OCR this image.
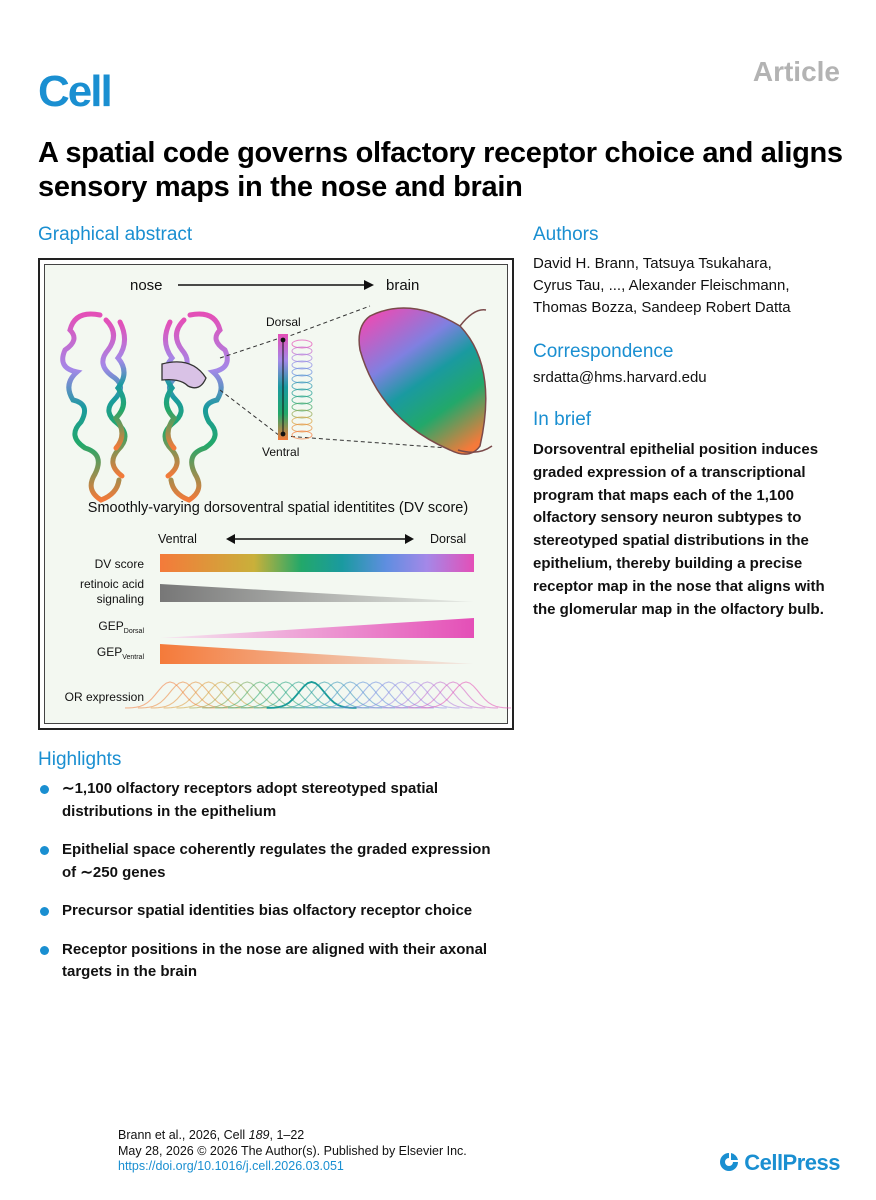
Cell	Article
A spatial code governs olfactory receptor choice and aligns sensory maps in the nose and brain
Graphical abstract
nose	brain
Dorsal
Ventral
Smoothly-varying dorsoventral spatial identitites (DV score)
Ventral	Dorsal
DV score
retinoic acid
signaling
$GEP_{Dorsal}$
$GEP_{Ventral}$
OR expression
Authors
David H. Brann, Tatsuya Tsukahara,
Cyrus Tau, ..., Alexander Fleischmann,
Thomas Bozza, Sandeep Robert Datta
Correspondence
srdatta@hms.harvard.edu
In brief
Dorsoventral epithelial position induces
graded expression of a transcriptional
program that maps each of the 1,100
olfactory sensory neuron subtypes to
stereotyped spatial distributions in the
epithelium, thereby building a precise
receptor map in the nose that aligns with
the glomerular map in the olfactory bulb.
Highlights
∼1,100 olfactory receptors adopt stereotyped spatial
distributions in the epithelium
Epithelial space coherently regulates the graded expression
of ∼250 genes
Precursor spatial identities bias olfactory receptor choice
Receptor positions in the nose are aligned with their axonal
targets in the brain
Brann et al., 2026, Cell 189, 1–22
May 28, 2026 © 2026 The Author(s). Published by Elsevier Inc.
https://doi.org/10.1016/j.cell.2026.03.051	CellPress
